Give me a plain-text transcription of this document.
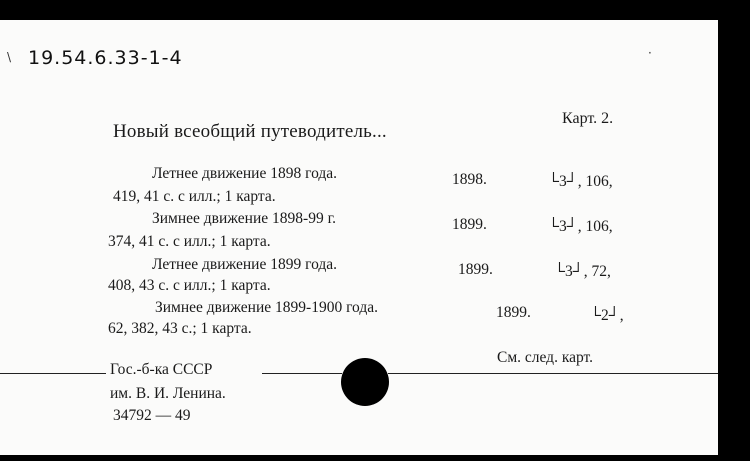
19.54.6.33-1-4
\	·
Карт. 2.
Новый всеобщий путеводитель...
Летнее движение 1898 года.	1898.	└3┘, 106,
419, 41 с. с илл.; 1 карта.
Зимнее движение 1898-99 г.	1899.	└3┘, 106,
374, 41 с. с илл.; 1 карта.
Летнее движение 1899 года.	1899.	└3┘, 72,
408, 43 с. с илл.; 1 карта.
Зимнее движение 1899-1900 года.	1899.	└2┘,
62, 382, 43 с.; 1 карта.
См. след. карт.
Гос.-б-ка СССР
им. В. И. Ленина.
34792 — 49
